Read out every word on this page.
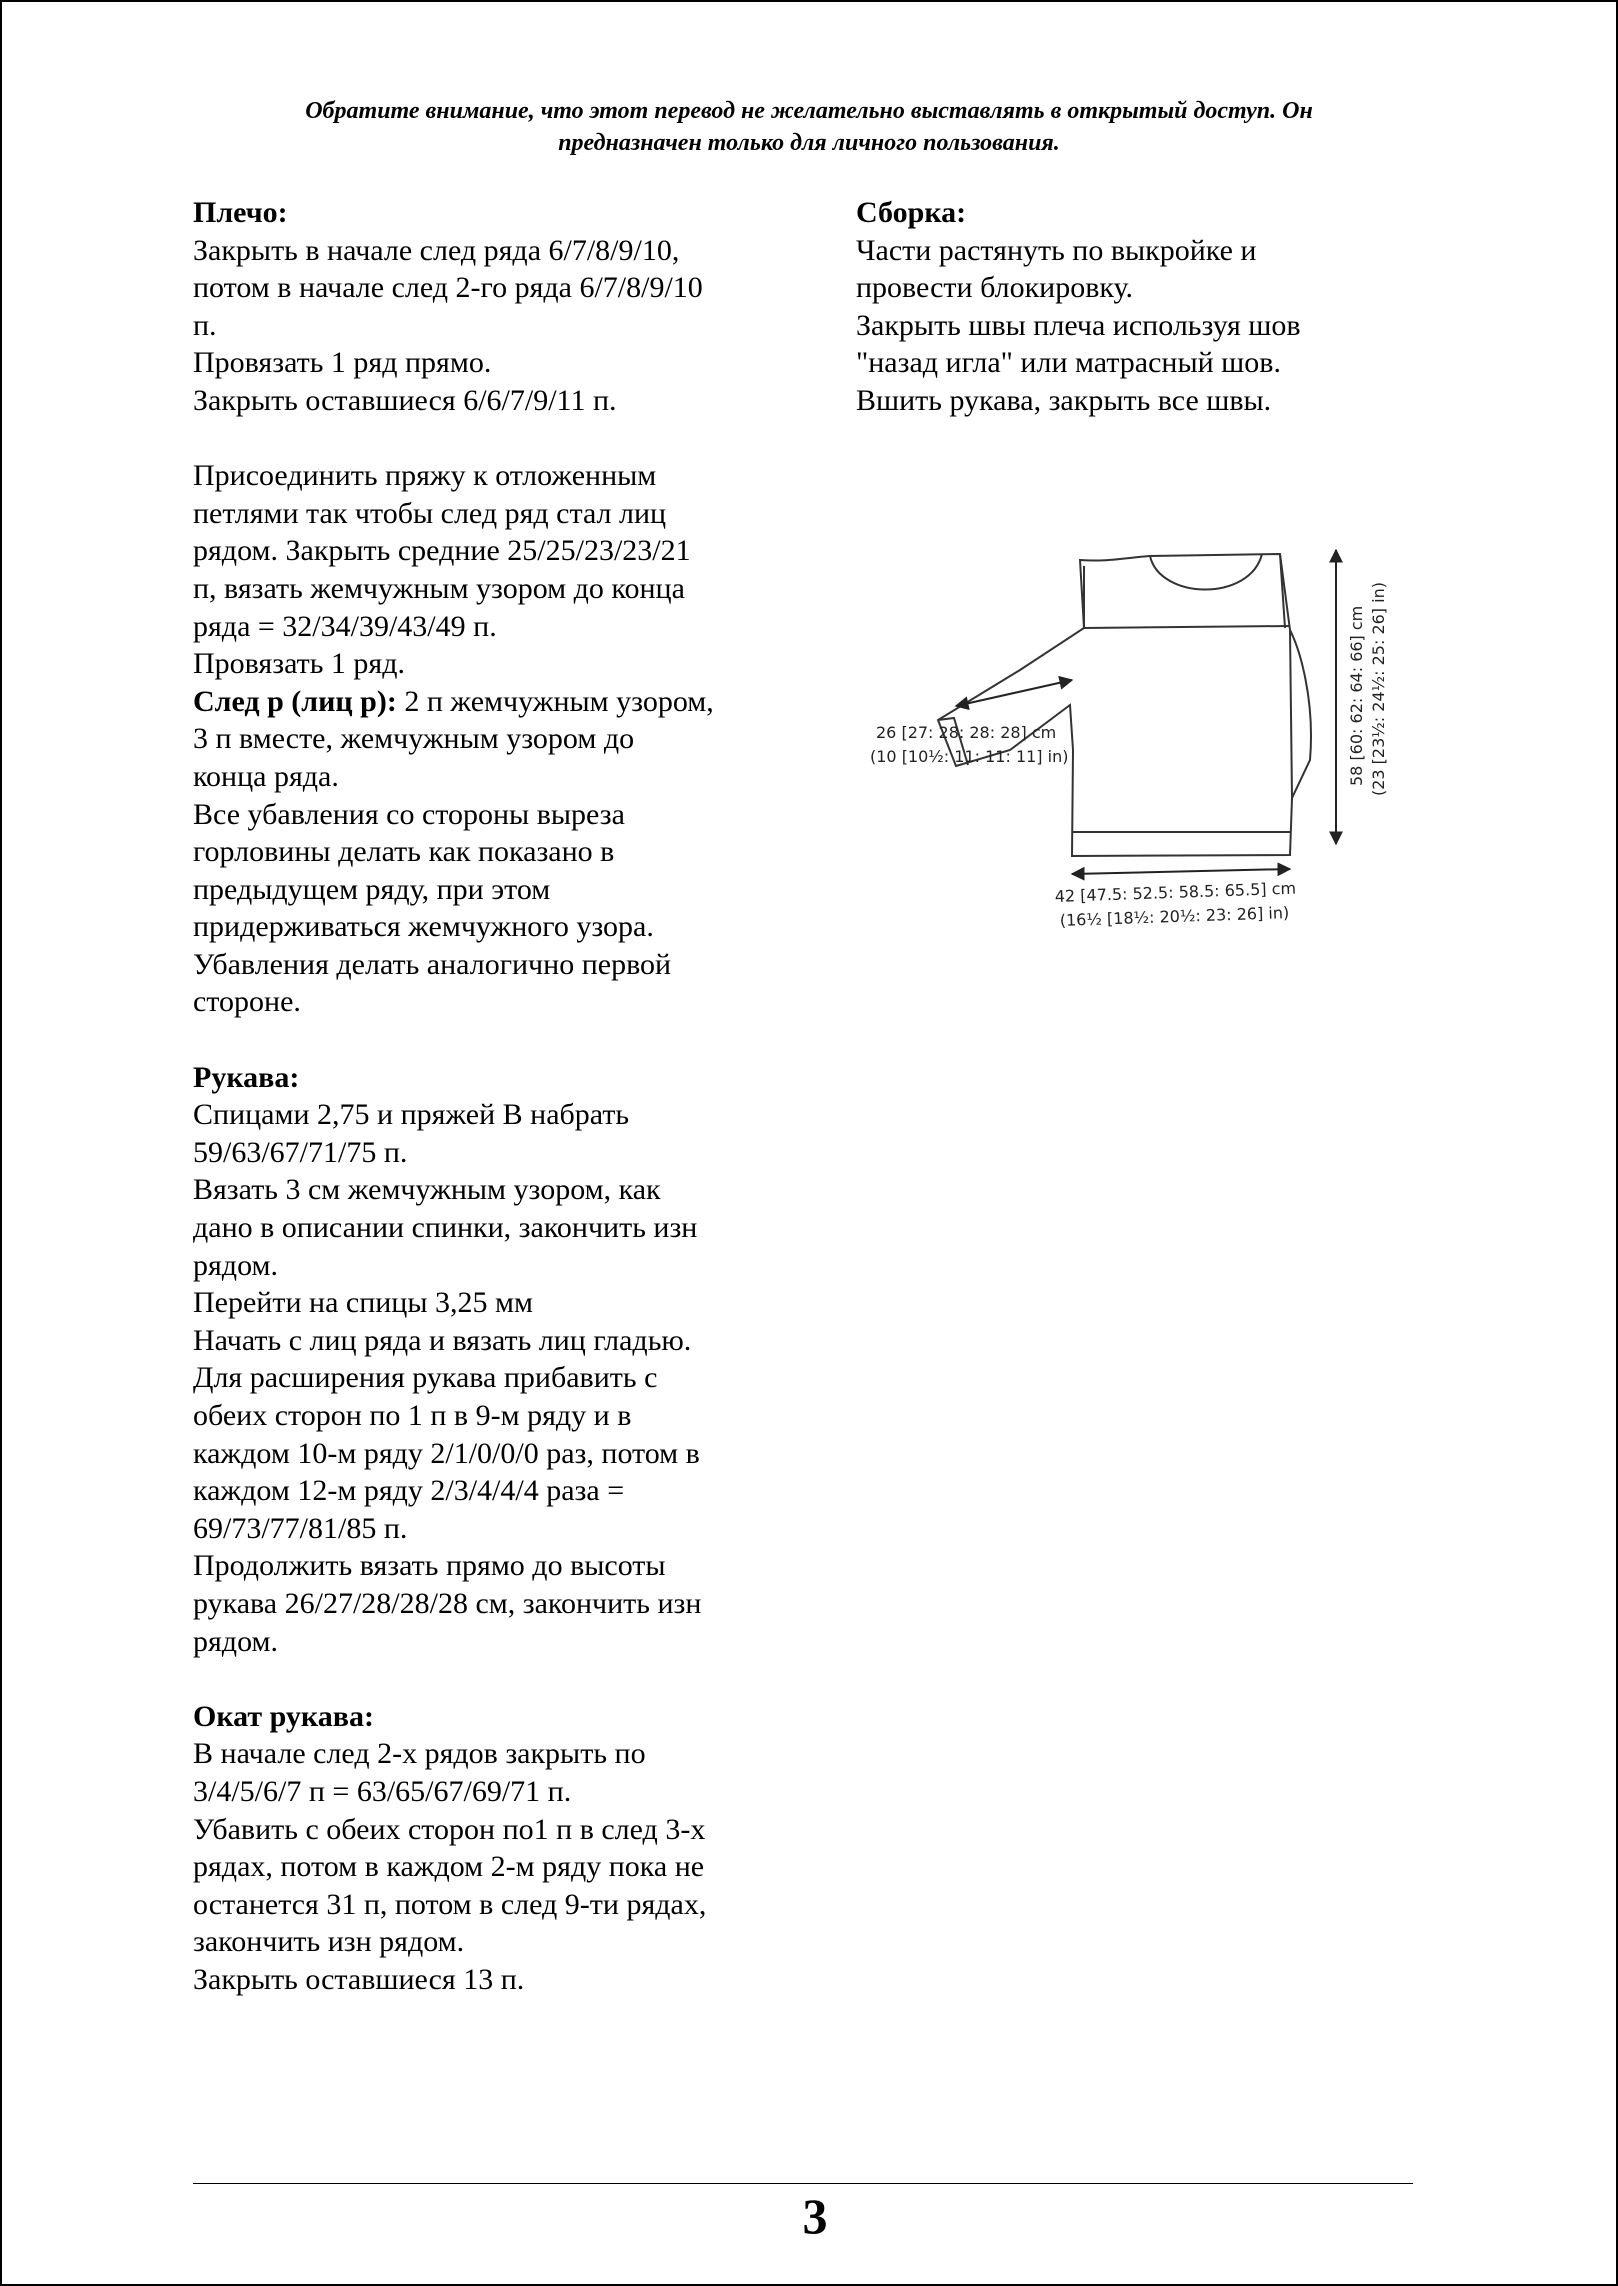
Обратите внимание, что этот перевод не желательно выставлять в открытый доступ. Он
предназначен только для личного пользования.

Плечо:

Закрыть в начале след ряда 6/7/8/9/10,

потом в начале след 2-го ряда 6/7/8/9/10

п.

Провязать 1 ряд прямо.

Закрыть оставшиеся 6/6/7/9/11 п.

Присоединить пряжу к отложенным

петлями так чтобы след ряд стал лиц

рядом. Закрыть средние 25/25/23/23/21

п, вязать жемчужным узором до конца

ряда = 32/34/39/43/49 п.

Провязать 1 ряд.

След р (лиц р): 2 п жемчужным узором,

3 п вместе, жемчужным узором до

конца ряда.

Все убавления со стороны выреза

горловины делать как показано в

предыдущем ряду, при этом

придерживаться жемчужного узора.

Убавления делать аналогично первой

стороне.

Рукава:

Спицами 2,75 и пряжей В набрать

59/63/67/71/75 п.

Вязать 3 см жемчужным узором, как

дано в описании спинки, закончить изн

рядом.

Перейти на спицы 3,25 мм

Начать с лиц ряда и вязать лиц гладью.

Для расширения рукава прибавить с

обеих сторон по 1 п в 9-м ряду и в

каждом 10-м ряду 2/1/0/0/0 раз, потом в

каждом 12-м ряду 2/3/4/4/4 раза =

69/73/77/81/85 п.

Продолжить вязать прямо до высоты

рукава 26/27/28/28/28 см, закончить изн

рядом.

Окат рукава:

В начале след 2-х рядов закрыть по

3/4/5/6/7 п = 63/65/67/69/71 п.

Убавить с обеих сторон по1 п в след 3-х

рядах, потом в каждом 2-м ряду пока не

останется 31 п, потом в след 9-ти рядах,

закончить изн рядом.

Закрыть оставшиеся 13 п.

Сборка:

Части растянуть по выкройке и

провести блокировку.

Закрыть швы плеча используя шов

"назад игла" или матрасный шов.

Вшить рукава, закрыть все швы.

26 [27: 28: 28: 28] cm
(10 [10½: 11: 11: 11] in)
42 [47.5: 52.5: 58.5: 65.5] cm
(16½ [18½: 20½: 23: 26] in)
58 [60: 62: 64: 66] cm (23 [23½: 24½: 25: 26] in)
3
